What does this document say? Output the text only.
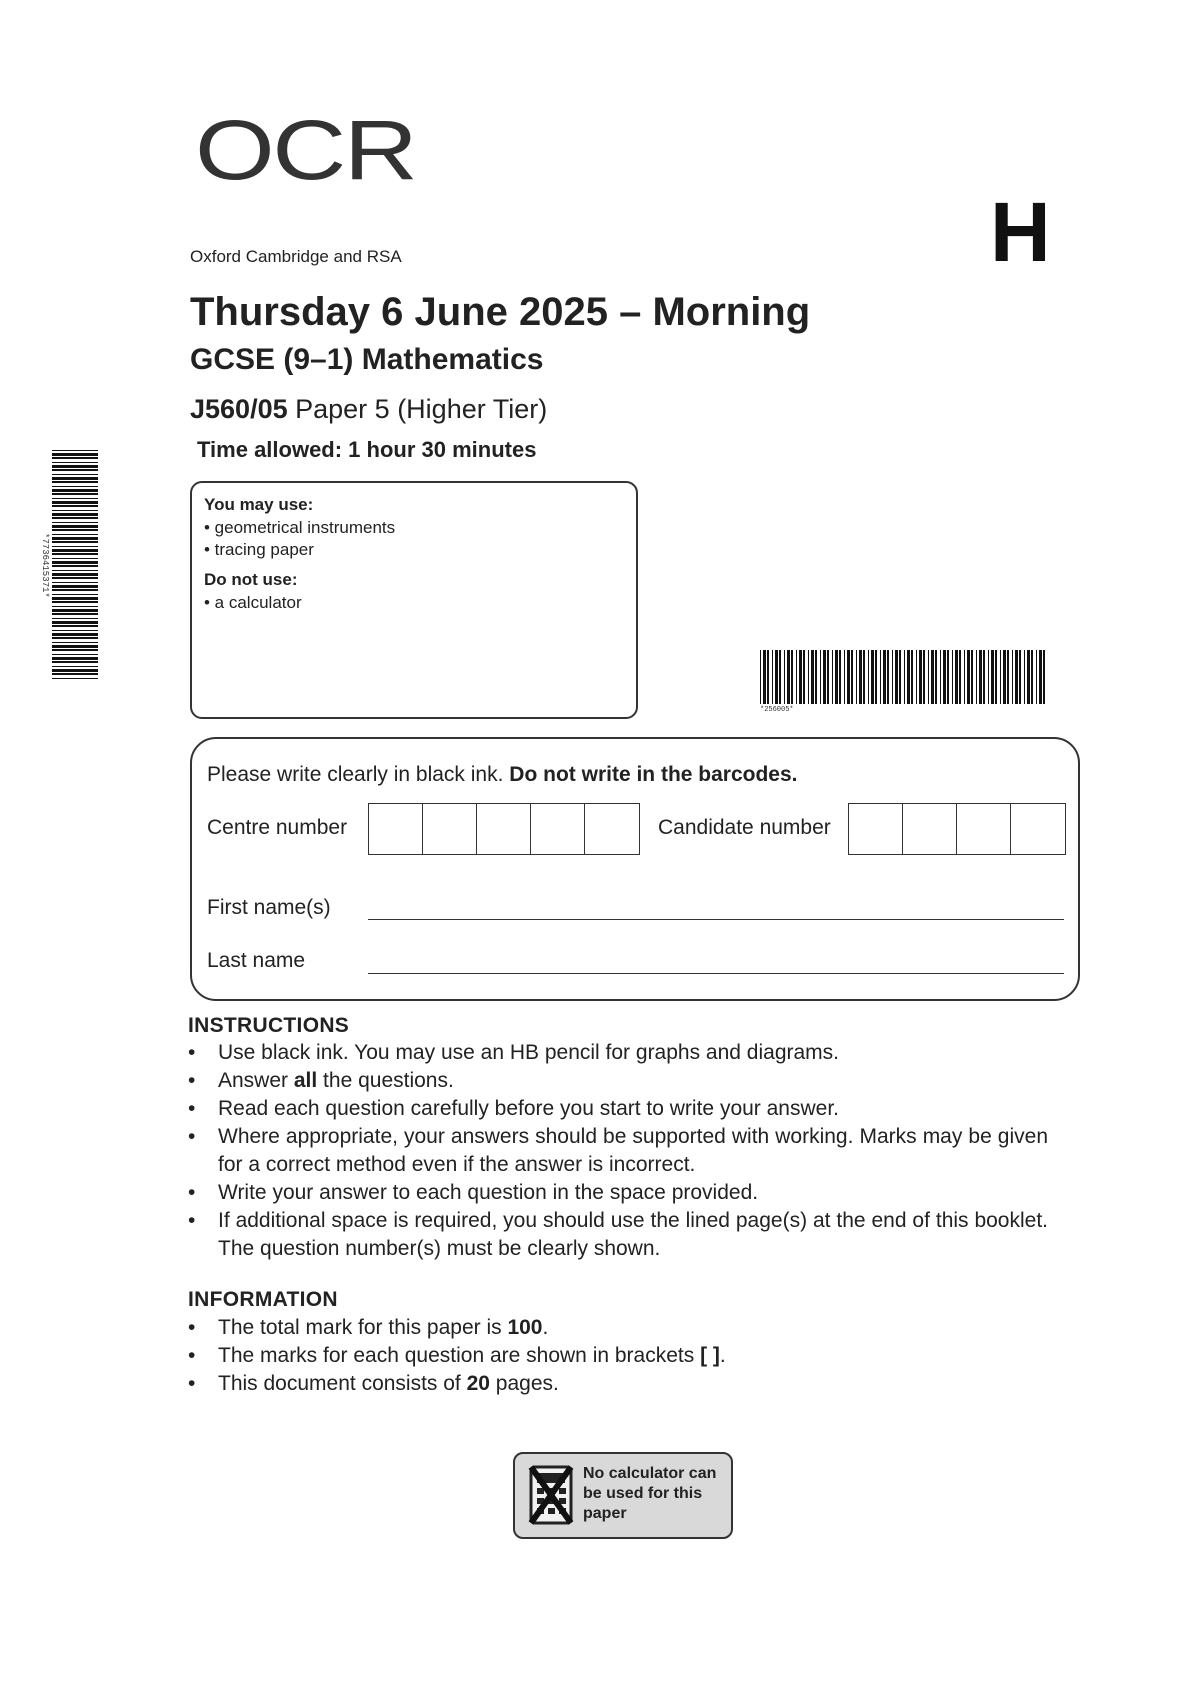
OCR
Oxford Cambridge and RSA	H
Thursday 6 June 2025 – Morning
GCSE (9–1) Mathematics
J560/05 Paper 5 (Higher Tier)
Time allowed: 1 hour 30 minutes
*7736415371*
You may use:
• geometrical instruments
• tracing paper
Do not use:
• a calculator
*256005*
Please write clearly in black ink. Do not write in the barcodes.
Centre number	Candidate number
First name(s)
Last name
INSTRUCTIONS
• Use black ink. You may use an HB pencil for graphs and diagrams.
• Answer all the questions.
• Read each question carefully before you start to write your answer.
• Where appropriate, your answers should be supported with working. Marks may be given for a correct method even if the answer is incorrect.
• Write your answer to each question in the space provided.
• If additional space is required, you should use the lined page(s) at the end of this booklet. The question number(s) must be clearly shown.
INFORMATION
• The total mark for this paper is 100.
• The marks for each question are shown in brackets [ ].
• This document consists of 20 pages.
No calculator can be used for this paper
